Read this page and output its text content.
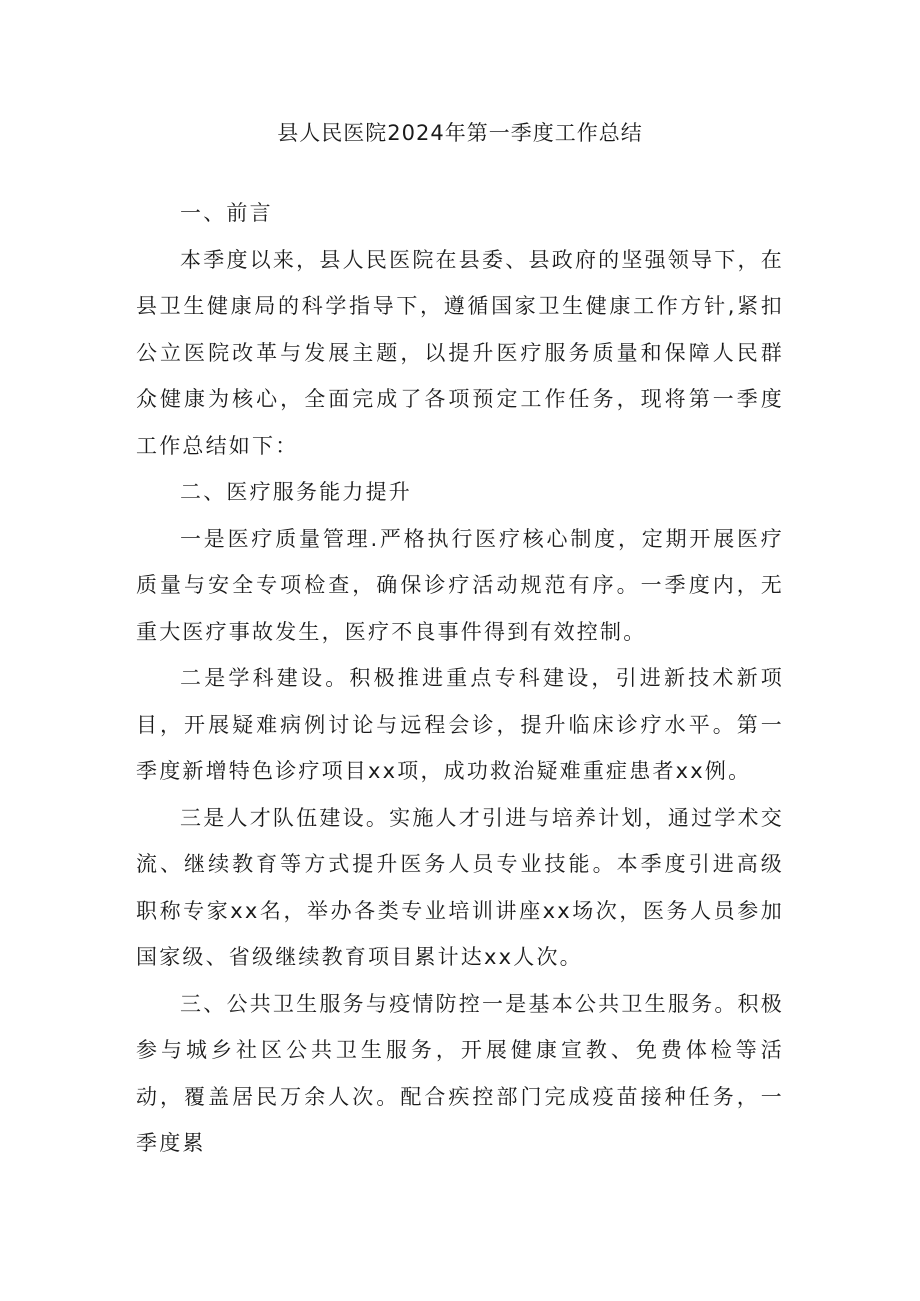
县人民医院2024年第一季度工作总结

一、前言

本季度以来，县人民医院在县委、县政府的坚强领导下，在县卫生健康局的科学指导下，遵循国家卫生健康工作方针,紧扣公立医院改革与发展主题，以提升医疗服务质量和保障人民群众健康为核心，全面完成了各项预定工作任务，现将第一季度工作总结如下：

二、医疗服务能力提升

一是医疗质量管理.严格执行医疗核心制度，定期开展医疗质量与安全专项检查，确保诊疗活动规范有序。一季度内，无重大医疗事故发生，医疗不良事件得到有效控制。

二是学科建设。积极推进重点专科建设，引进新技术新项目，开展疑难病例讨论与远程会诊，提升临床诊疗水平。第一季度新增特色诊疗项目xx项，成功救治疑难重症患者xx例。

三是人才队伍建设。实施人才引进与培养计划，通过学术交流、继续教育等方式提升医务人员专业技能。本季度引进高级职称专家xx名，举办各类专业培训讲座xx场次，医务人员参加国家级、省级继续教育项目累计达xx人次。

三、公共卫生服务与疫情防控一是基本公共卫生服务。积极参与城乡社区公共卫生服务，开展健康宣教、免费体检等活动，覆盖居民万余人次。配合疾控部门完成疫苗接种任务，一季度累
